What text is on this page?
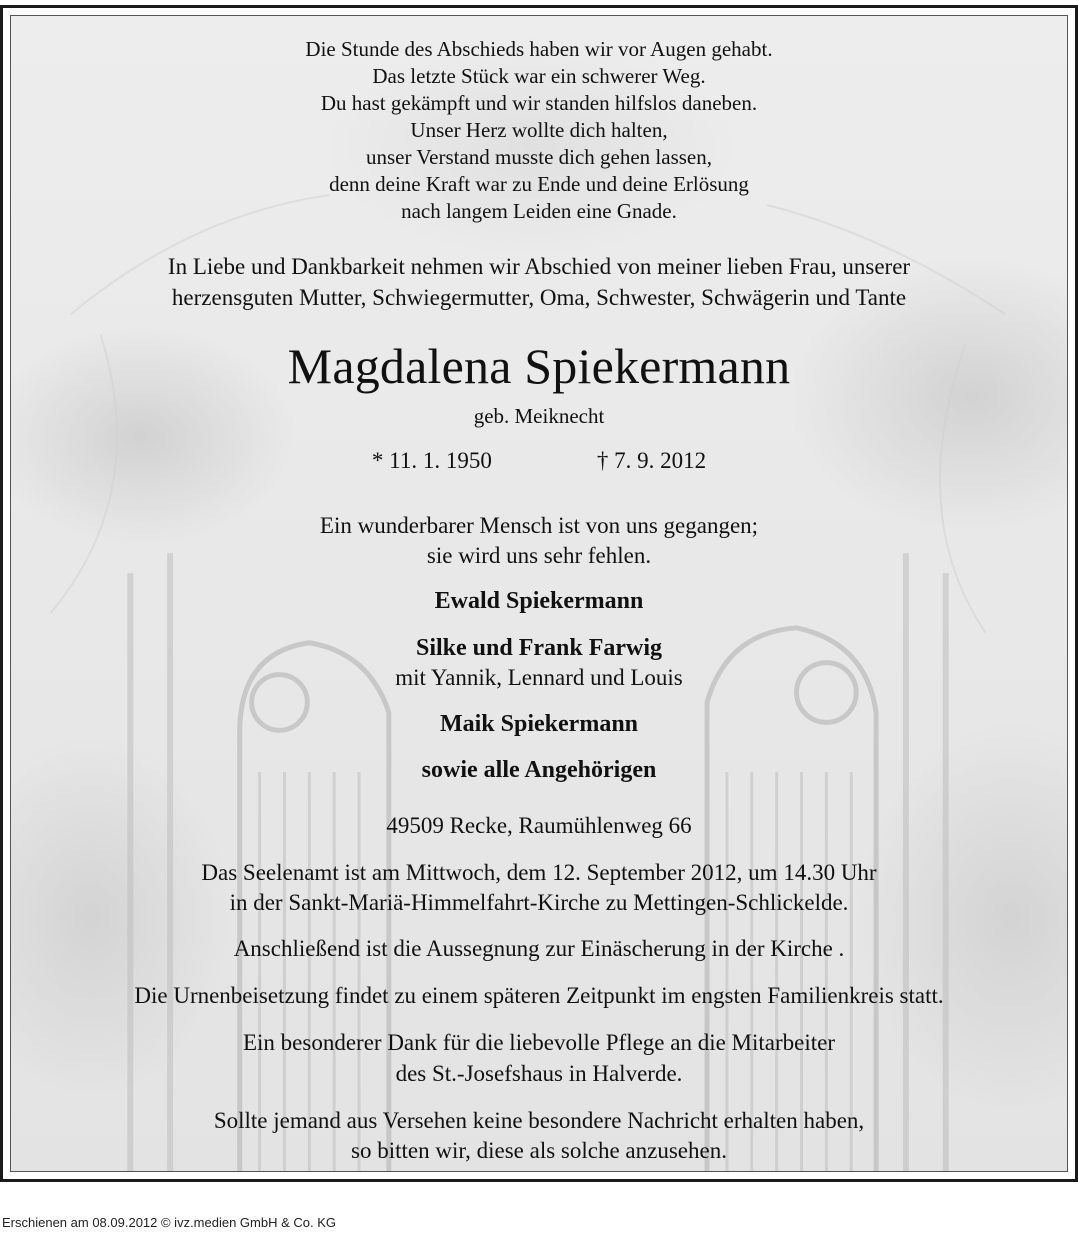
Die Stunde des Abschieds haben wir vor Augen gehabt.
Das letzte Stück war ein schwerer Weg.
Du hast gekämpft und wir standen hilfslos daneben.
Unser Herz wollte dich halten,
unser Verstand musste dich gehen lassen,
denn deine Kraft war zu Ende und deine Erlösung
nach langem Leiden eine Gnade.
In Liebe und Dankbarkeit nehmen wir Abschied von meiner lieben Frau, unserer
herzensguten Mutter, Schwiegermutter, Oma, Schwester, Schwägerin und Tante
Magdalena Spiekermann
geb. Meiknecht
* 11. 1. 1950	† 7. 9. 2012
Ein wunderbarer Mensch ist von uns gegangen;
sie wird uns sehr fehlen.
Ewald Spiekermann
Silke und Frank Farwig
mit Yannik, Lennard und Louis
Maik Spiekermann
sowie alle Angehörigen
49509 Recke, Raumühlenweg 66
Das Seelenamt ist am Mittwoch, dem 12. September 2012, um 14.30 Uhr
in der Sankt-Mariä-Himmelfahrt-Kirche zu Mettingen-Schlickelde.
Anschließend ist die Aussegnung zur Einäscherung in der Kirche .
Die Urnenbeisetzung findet zu einem späteren Zeitpunkt im engsten Familienkreis statt.
Ein besonderer Dank für die liebevolle Pflege an die Mitarbeiter
des St.-Josefshaus in Halverde.
Sollte jemand aus Versehen keine besondere Nachricht erhalten haben,
so bitten wir, diese als solche anzusehen.
Erschienen am 08.09.2012 © ivz.medien GmbH & Co. KG
